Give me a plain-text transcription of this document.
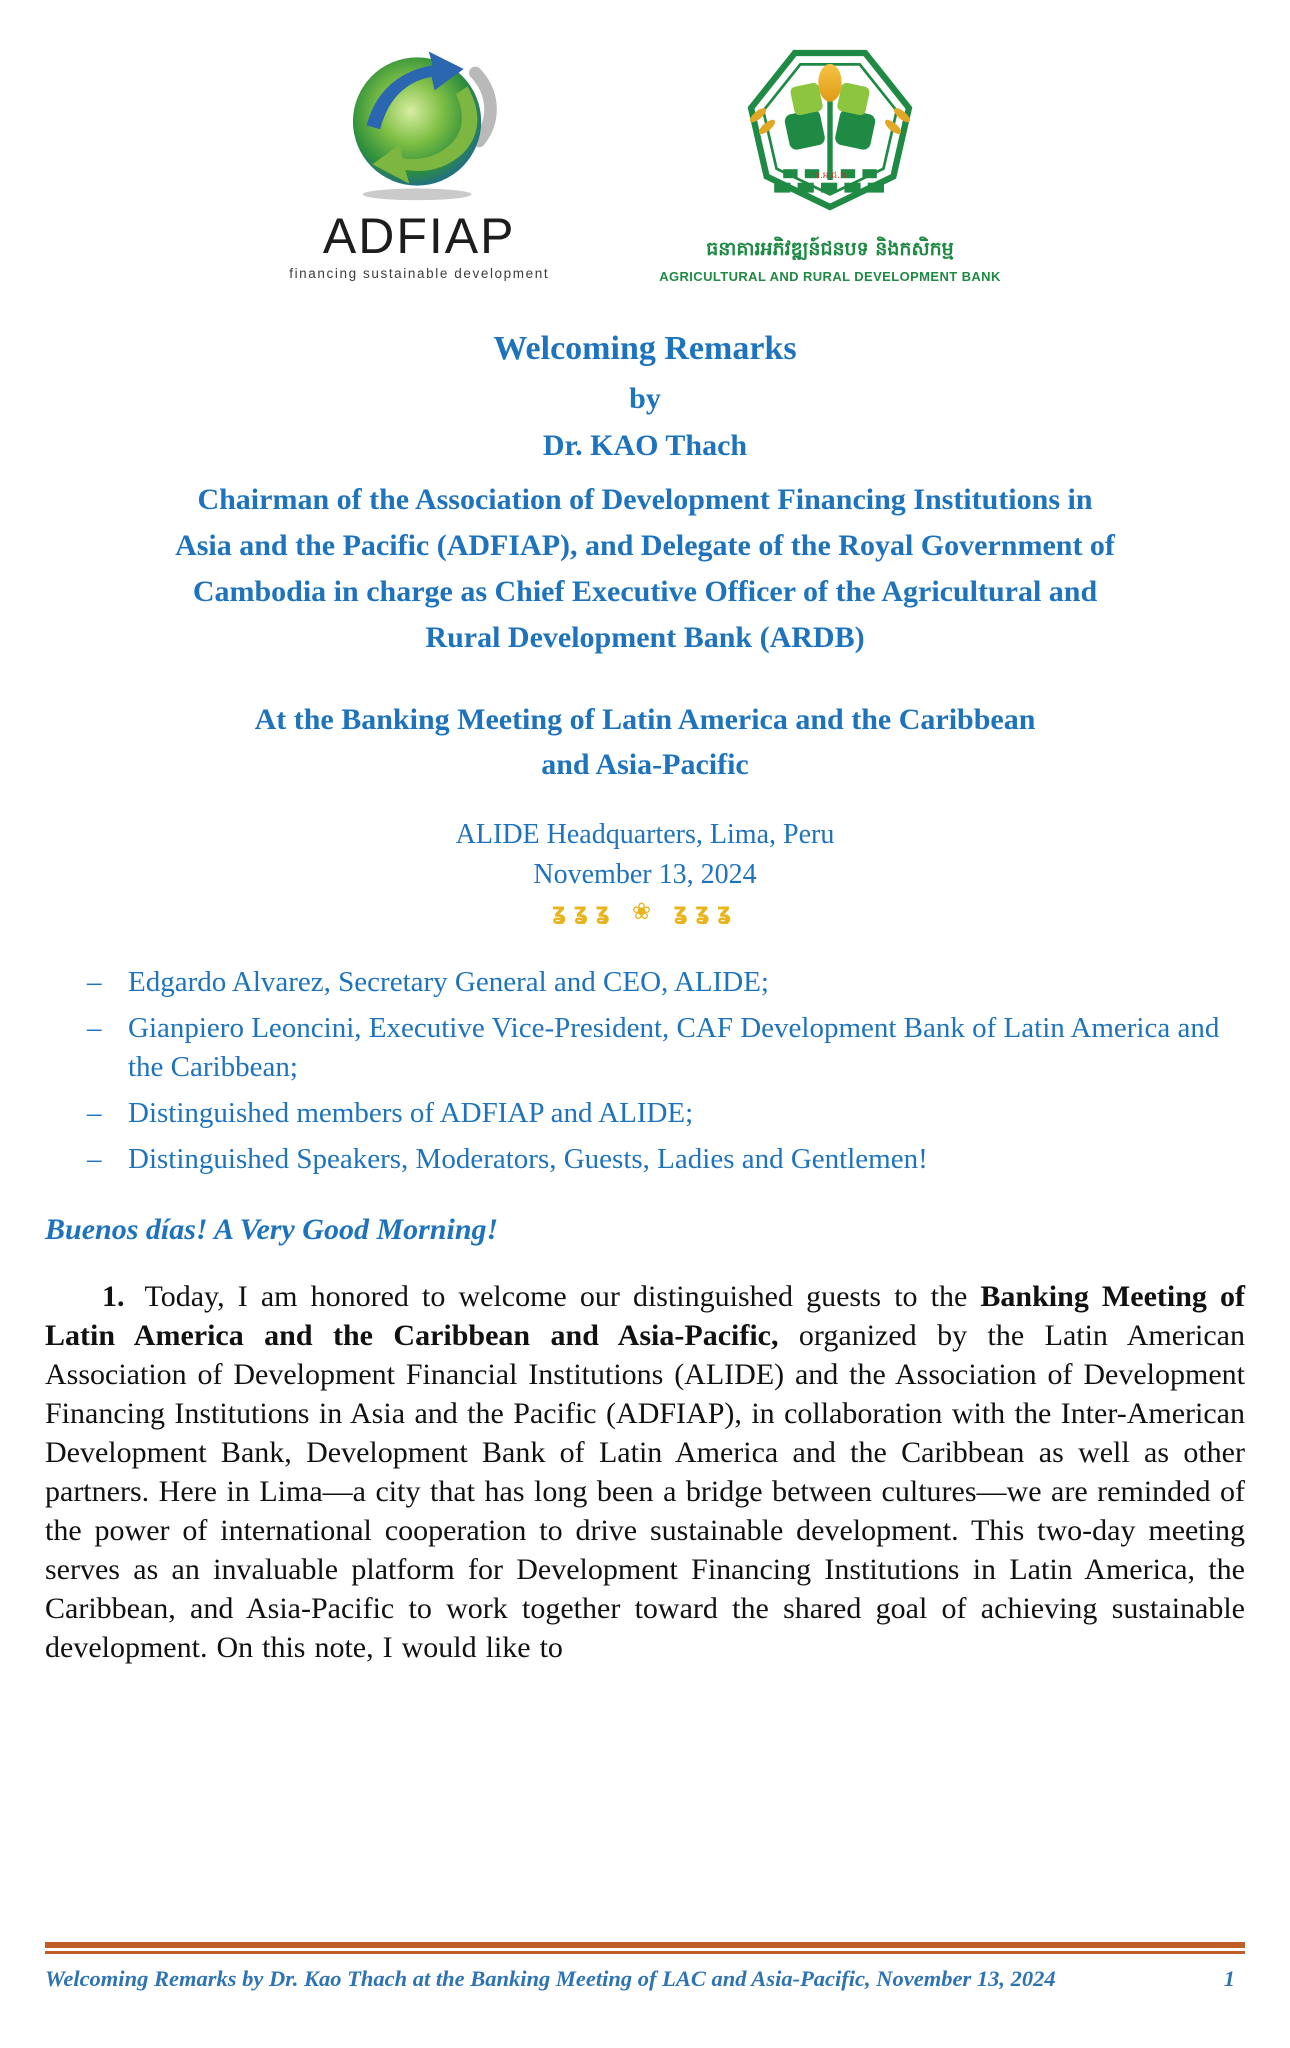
ADFIAP
financing sustainable development
ធ.អ.ជ.ក
ធនាគារអភិវឌ្ឍន៍ជនបទ និងកសិកម្ម
AGRICULTURAL AND RURAL DEVELOPMENT BANK
Welcoming Remarks
by
Dr. KAO Thach
Chairman of the Association of Development Financing Institutions in
Asia and the Pacific (ADFIAP), and Delegate of the Royal Government of
Cambodia in charge as Chief Executive Officer of the Agricultural and
Rural Development Bank (ARDB)
At the Banking Meeting of Latin America and the Caribbean
and Asia-Pacific
ALIDE Headquarters, Lima, Peru
November 13, 2024
ʓʓʓ ❀ ʓʓʓ
– Edgardo Alvarez, Secretary General and CEO, ALIDE;
– Gianpiero Leoncini, Executive Vice-President, CAF Development Bank of Latin America and the Caribbean;
– Distinguished members of ADFIAP and ALIDE;
– Distinguished Speakers, Moderators, Guests, Ladies and Gentlemen!
Buenos días! A Very Good Morning!

1. Today, I am honored to welcome our distinguished guests to the Banking Meeting of Latin America and the Caribbean and Asia-Pacific, organized by the Latin American Association of Development Financial Institutions (ALIDE) and the Association of Development Financing Institutions in Asia and the Pacific (ADFIAP), in collaboration with the Inter-American Development Bank, Development Bank of Latin America and the Caribbean as well as other partners. Here in Lima—a city that has long been a bridge between cultures—we are reminded of the power of international cooperation to drive sustainable development. This two-day meeting serves as an invaluable platform for Development Financing Institutions in Latin America, the Caribbean, and Asia-Pacific to work together toward the shared goal of achieving sustainable development. On this note, I would like to

Welcoming Remarks by Dr. Kao Thach at the Banking Meeting of LAC and Asia-Pacific, November 13, 2024	1
